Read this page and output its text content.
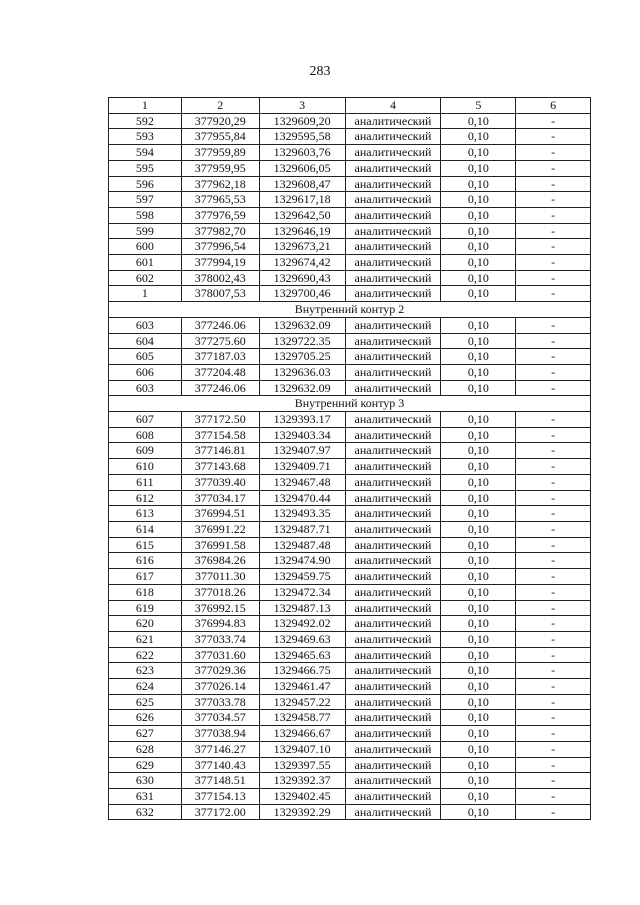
283
1	2	3	4	5	6
592	377920,29	1329609,20	аналитический	0,10	-
593	377955,84	1329595,58	аналитический	0,10	-
594	377959,89	1329603,76	аналитический	0,10	-
595	377959,95	1329606,05	аналитический	0,10	-
596	377962,18	1329608,47	аналитический	0,10	-
597	377965,53	1329617,18	аналитический	0,10	-
598	377976,59	1329642,50	аналитический	0,10	-
599	377982,70	1329646,19	аналитический	0,10	-
600	377996,54	1329673,21	аналитический	0,10	-
601	377994,19	1329674,42	аналитический	0,10	-
602	378002,43	1329690,43	аналитический	0,10	-
1	378007,53	1329700,46	аналитический	0,10	-
Внутренний контур 2					
603	377246.06	1329632.09	аналитический	0,10	-
604	377275.60	1329722.35	аналитический	0,10	-
605	377187.03	1329705.25	аналитический	0,10	-
606	377204.48	1329636.03	аналитический	0,10	-
603	377246.06	1329632.09	аналитический	0,10	-
Внутренний контур 3					
607	377172.50	1329393.17	аналитический	0,10	-
608	377154.58	1329403.34	аналитический	0,10	-
609	377146.81	1329407.97	аналитический	0,10	-
610	377143.68	1329409.71	аналитический	0,10	-
611	377039.40	1329467.48	аналитический	0,10	-
612	377034.17	1329470.44	аналитический	0,10	-
613	376994.51	1329493.35	аналитический	0,10	-
614	376991.22	1329487.71	аналитический	0,10	-
615	376991.58	1329487.48	аналитический	0,10	-
616	376984.26	1329474.90	аналитический	0,10	-
617	377011.30	1329459.75	аналитический	0,10	-
618	377018.26	1329472.34	аналитический	0,10	-
619	376992.15	1329487.13	аналитический	0,10	-
620	376994.83	1329492.02	аналитический	0,10	-
621	377033.74	1329469.63	аналитический	0,10	-
622	377031.60	1329465.63	аналитический	0,10	-
623	377029.36	1329466.75	аналитический	0,10	-
624	377026.14	1329461.47	аналитический	0,10	-
625	377033.78	1329457.22	аналитический	0,10	-
626	377034.57	1329458.77	аналитический	0,10	-
627	377038.94	1329466.67	аналитический	0,10	-
628	377146.27	1329407.10	аналитический	0,10	-
629	377140.43	1329397.55	аналитический	0,10	-
630	377148.51	1329392.37	аналитический	0,10	-
631	377154.13	1329402.45	аналитический	0,10	-
632	377172.00	1329392.29	аналитический	0,10	-
